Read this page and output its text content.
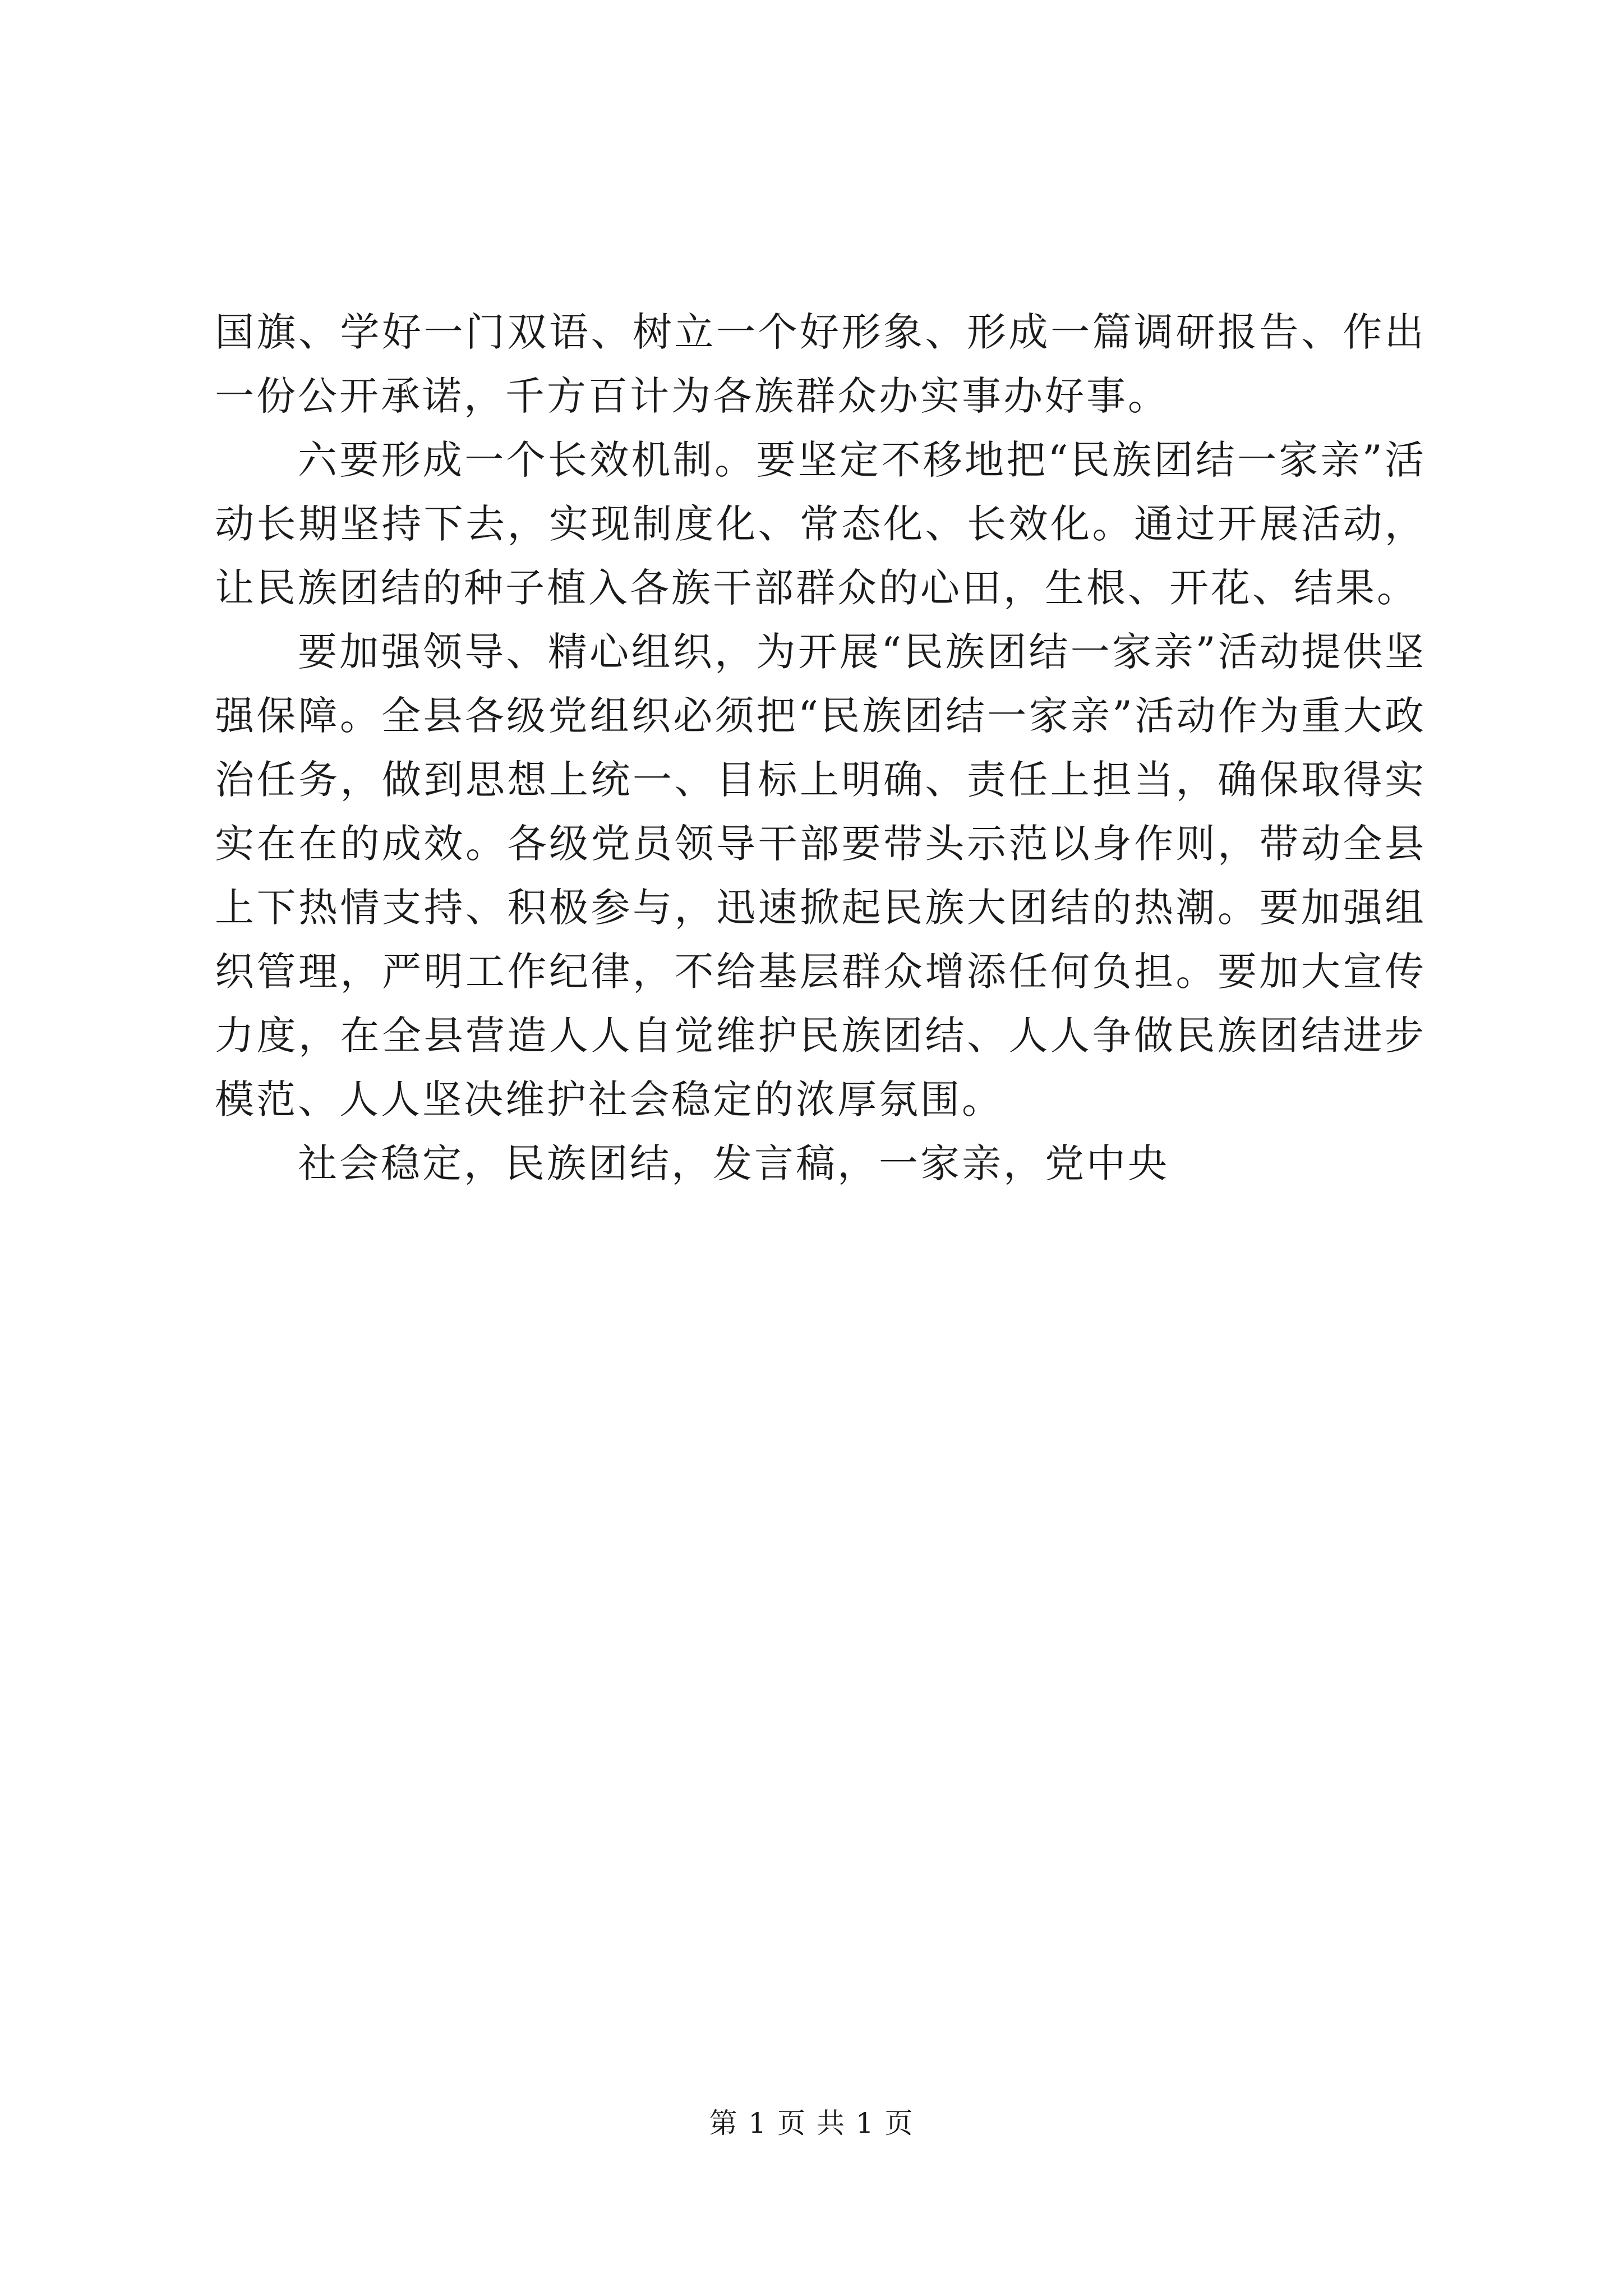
国旗、学好一门双语、树立一个好形象、形成一篇调研报告、作出一份公开承诺，千方百计为各族群众办实事办好事。

六要形成一个长效机制。要坚定不移地把“民族团结一家亲”活动长期坚持下去，实现制度化、常态化、长效化。通过开展活动，让民族团结的种子植入各族干部群众的心田，生根、开花、结果。

要加强领导、精心组织，为开展“民族团结一家亲”活动提供坚强保障。全县各级党组织必须把“民族团结一家亲”活动作为重大政治任务，做到思想上统一、目标上明确、责任上担当，确保取得实实在在的成效。各级党员领导干部要带头示范以身作则，带动全县上下热情支持、积极参与，迅速掀起民族大团结的热潮。要加强组织管理，严明工作纪律，不给基层群众增添任何负担。要加大宣传力度，在全县营造人人自觉维护民族团结、人人争做民族团结进步模范、人人坚决维护社会稳定的浓厚氛围。

社会稳定，民族团结，发言稿，一家亲，党中央

第 1 页 共 1 页
